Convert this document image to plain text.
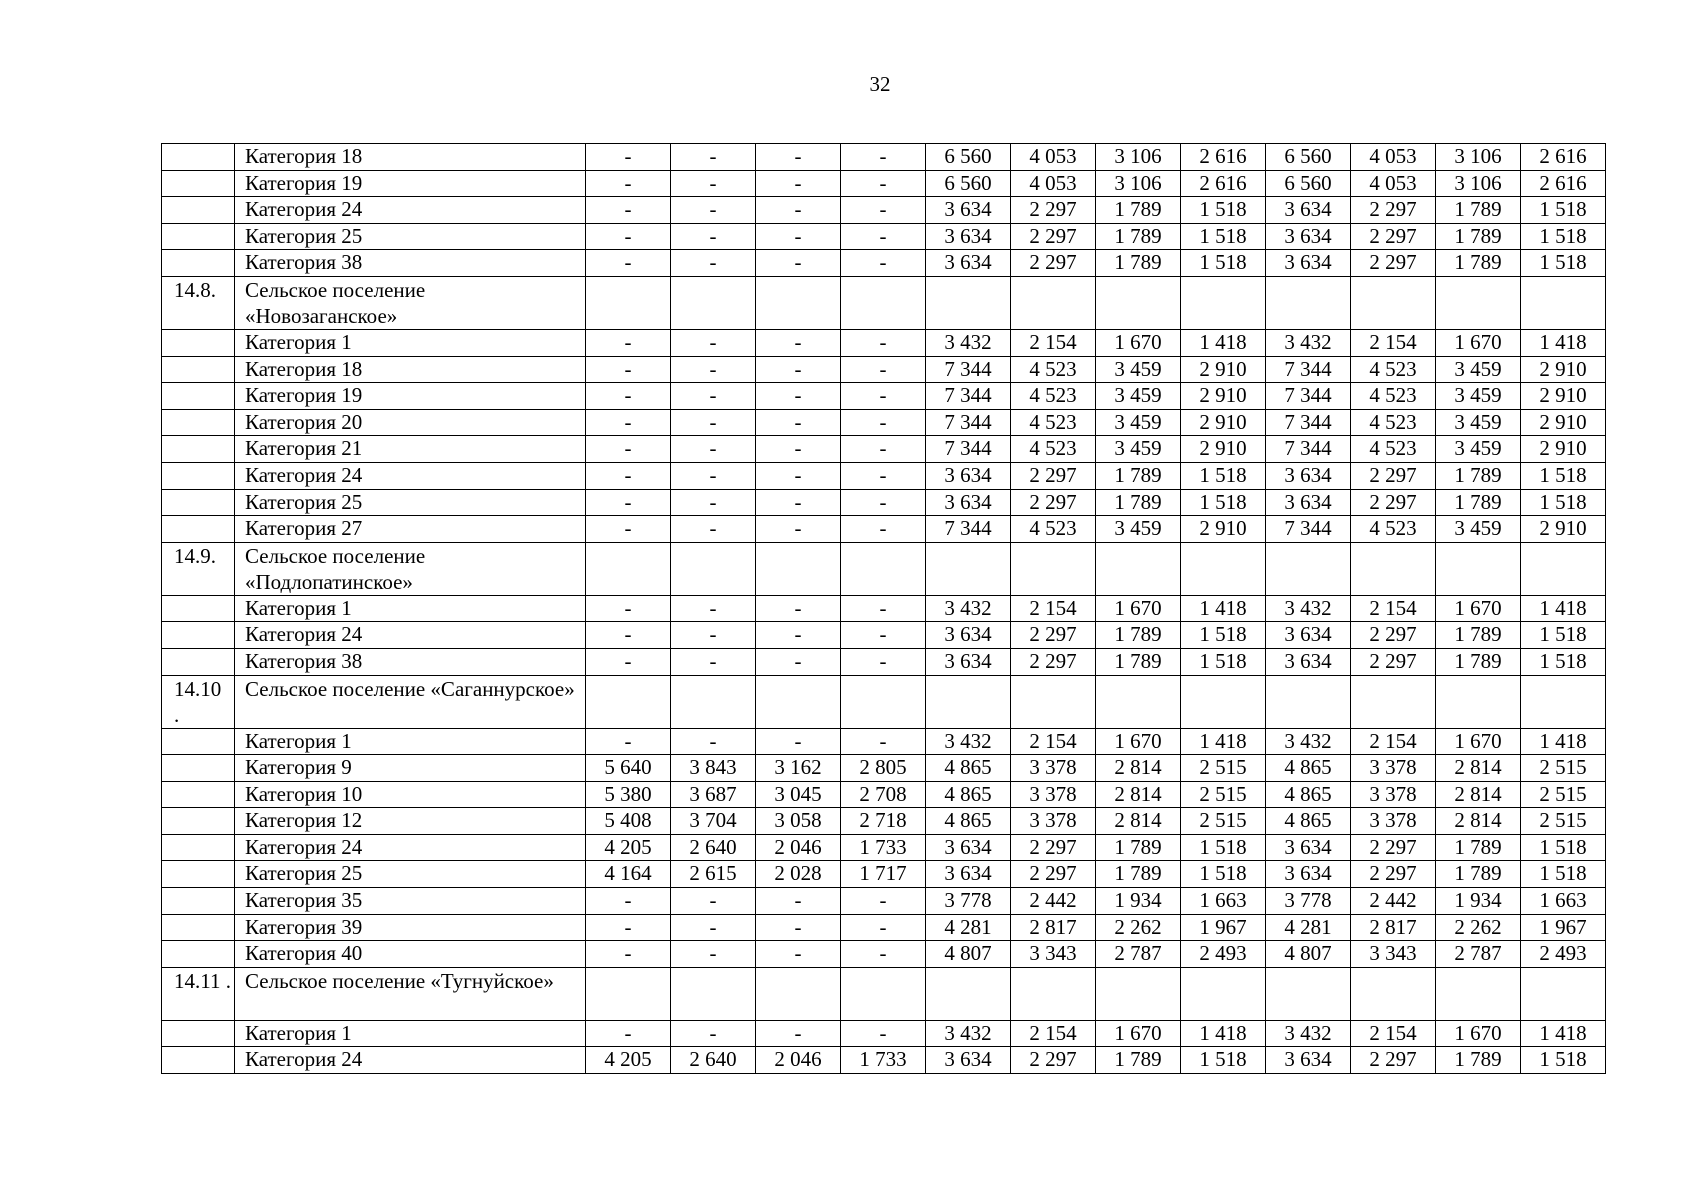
32
	Категория 18	-	-	-	-	6 560	4 053	3 106	2 616	6 560	4 053	3 106	2 616
	Категория 19	-	-	-	-	6 560	4 053	3 106	2 616	6 560	4 053	3 106	2 616
	Категория 24	-	-	-	-	3 634	2 297	1 789	1 518	3 634	2 297	1 789	1 518
	Категория 25	-	-	-	-	3 634	2 297	1 789	1 518	3 634	2 297	1 789	1 518
	Категория 38	-	-	-	-	3 634	2 297	1 789	1 518	3 634	2 297	1 789	1 518
14.8.	Сельское поселение «Новозаганское»												
	Категория 1	-	-	-	-	3 432	2 154	1 670	1 418	3 432	2 154	1 670	1 418
	Категория 18	-	-	-	-	7 344	4 523	3 459	2 910	7 344	4 523	3 459	2 910
	Категория 19	-	-	-	-	7 344	4 523	3 459	2 910	7 344	4 523	3 459	2 910
	Категория 20	-	-	-	-	7 344	4 523	3 459	2 910	7 344	4 523	3 459	2 910
	Категория 21	-	-	-	-	7 344	4 523	3 459	2 910	7 344	4 523	3 459	2 910
	Категория 24	-	-	-	-	3 634	2 297	1 789	1 518	3 634	2 297	1 789	1 518
	Категория 25	-	-	-	-	3 634	2 297	1 789	1 518	3 634	2 297	1 789	1 518
	Категория 27	-	-	-	-	7 344	4 523	3 459	2 910	7 344	4 523	3 459	2 910
14.9.	Сельское поселение «Подлопатинское»												
	Категория 1	-	-	-	-	3 432	2 154	1 670	1 418	3 432	2 154	1 670	1 418
	Категория 24	-	-	-	-	3 634	2 297	1 789	1 518	3 634	2 297	1 789	1 518
	Категория 38	-	-	-	-	3 634	2 297	1 789	1 518	3 634	2 297	1 789	1 518
14.10 .	Сельское поселение «Саганнурское»												
	Категория 1	-	-	-	-	3 432	2 154	1 670	1 418	3 432	2 154	1 670	1 418
	Категория 9	5 640	3 843	3 162	2 805	4 865	3 378	2 814	2 515	4 865	3 378	2 814	2 515
	Категория 10	5 380	3 687	3 045	2 708	4 865	3 378	2 814	2 515	4 865	3 378	2 814	2 515
	Категория 12	5 408	3 704	3 058	2 718	4 865	3 378	2 814	2 515	4 865	3 378	2 814	2 515
	Категория 24	4 205	2 640	2 046	1 733	3 634	2 297	1 789	1 518	3 634	2 297	1 789	1 518
	Категория 25	4 164	2 615	2 028	1 717	3 634	2 297	1 789	1 518	3 634	2 297	1 789	1 518
	Категория 35	-	-	-	-	3 778	2 442	1 934	1 663	3 778	2 442	1 934	1 663
	Категория 39	-	-	-	-	4 281	2 817	2 262	1 967	4 281	2 817	2 262	1 967
	Категория 40	-	-	-	-	4 807	3 343	2 787	2 493	4 807	3 343	2 787	2 493
14.11 .	Сельское поселение «Тугнуйское»												
	Категория 1	-	-	-	-	3 432	2 154	1 670	1 418	3 432	2 154	1 670	1 418
	Категория 24	4 205	2 640	2 046	1 733	3 634	2 297	1 789	1 518	3 634	2 297	1 789	1 518
